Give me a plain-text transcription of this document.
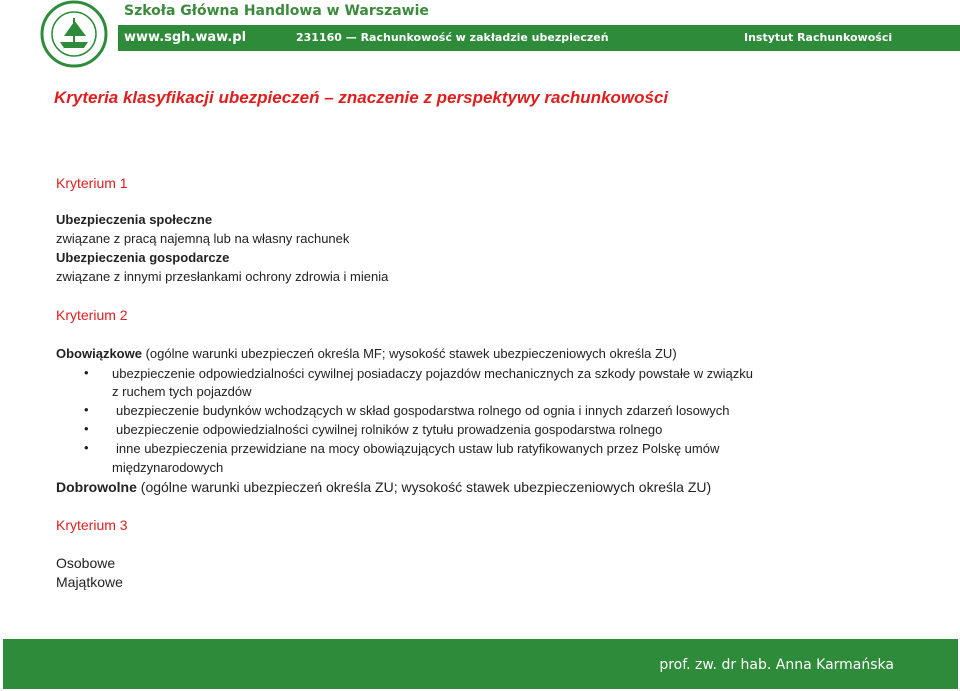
Szkoła Główna Handlowa w Warszawie
www.sgh.waw.pl	231160 — Rachunkowość w zakładzie ubezpieczeń	Instytut Rachunkowości
Kryteria klasyfikacji ubezpieczeń – znaczenie z perspektywy rachunkowości
Kryterium 1
Ubezpieczenia społeczne
związane z pracą najemną lub na własny rachunek
Ubezpieczenia gospodarcze
związane z innymi przesłankami ochrony zdrowia i mienia
Kryterium 2
Obowiązkowe (ogólne warunki ubezpieczeń określa MF; wysokość stawek ubezpieczeniowych określa ZU)
• ubezpieczenie odpowiedzialności cywilnej posiadaczy pojazdów mechanicznych za szkody powstałe w związku
z ruchem tych pojazdów
• ubezpieczenie budynków wchodzących w skład gospodarstwa rolnego od ognia i innych zdarzeń losowych
• ubezpieczenie odpowiedzialności cywilnej rolników z tytułu prowadzenia gospodarstwa rolnego
• inne ubezpieczenia przewidziane na mocy obowiązujących ustaw lub ratyfikowanych przez Polskę umów
międzynarodowych
Dobrowolne (ogólne warunki ubezpieczeń określa ZU; wysokość stawek ubezpieczeniowych określa ZU)
Kryterium 3
Osobowe
Majątkowe
prof. zw. dr hab. Anna Karmańska
